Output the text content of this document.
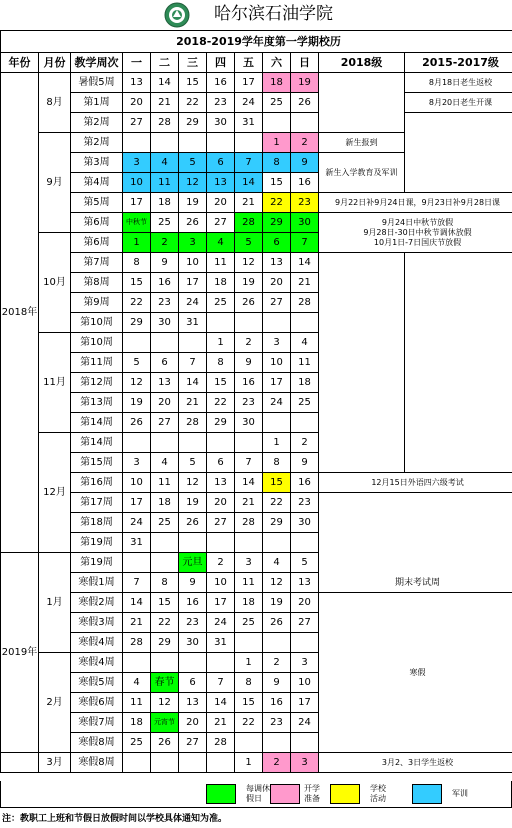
哈尔滨石油学院
2018-2019学年度第一学期校历											
年份	月份	教学周次	一	二	三	四	五	六	日	2018级	2015-2017级
2018年	8月	暑假5周	13	14	15	16	17	18	19		8月18日老生返校
		第1周	20	21	22	23	24	25	26		8月20日老生开课
		第2周	27	28	29	30	31				
	9月	第2周						1	2	新生报到	
		第3周	3	4	5	6	7	8	9	新生入学教育及军训	
		第4周	10	11	12	13	14	15	16		
		第5周	17	18	19	20	21	22	23	9月22日补9月24日课，9月23日补9月28日课	
		第6周	中秋节	25	26	27	28	29	30	9月24日中秋节放假
9月28日-30日中秋节调休放假
10月1日-7日国庆节放假	
	10月	第6周	1	2	3	4	5	6	7		
		第7周	8	9	10	11	12	13	14		
		第8周	15	16	17	18	19	20	21		
		第9周	22	23	24	25	26	27	28		
		第10周	29	30	31						
	11月	第10周				1	2	3	4		
		第11周	5	6	7	8	9	10	11		
		第12周	12	13	14	15	16	17	18		
		第13周	19	20	21	22	23	24	25		
		第14周	26	27	28	29	30				
	12月	第14周						1	2		
		第15周	3	4	5	6	7	8	9		
		第16周	10	11	12	13	14	15	16	12月15日外语四六级考试	
		第17周	17	18	19	20	21	22	23	期末考试周	
		第18周	24	25	26	27	28	29	30		
		第19周	31								
2019年	1月	第19周			元旦	2	3	4	5		
		寒假1周	7	8	9	10	11	12	13		
		寒假2周	14	15	16	17	18	19	20	寒假	
		寒假3周	21	22	23	24	25	26	27		
		寒假4周	28	29	30	31					
	2月	寒假4周					1	2	3		
		寒假5周	4	春节	6	7	8	9	10		
		寒假6周	11	12	13	14	15	16	17		
		寒假7周	18	元宵节	20	21	22	23	24		
		寒假8周	25	26	27	28					
	3月	寒假8周					1	2	3	3月2、3日学生返校	
每调休
假日
开学
准备
学校
活动
军训
注：教职工上班和节假日放假时间以学校具体通知为准。
